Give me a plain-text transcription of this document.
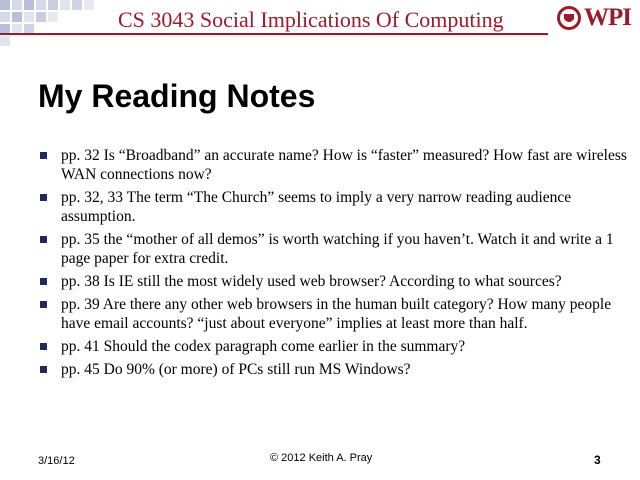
CS 3043 Social Implications Of Computing	WPI
My Reading Notes
pp. 32 Is “Broadband” an accurate name? How is “faster” measured? How fast are wireless WAN connections now?
pp. 32, 33 The term “The Church” seems to imply a very narrow reading audience assumption.
pp. 35 the “mother of all demos” is worth watching if you haven’t. Watch it and write a 1 page paper for extra credit.
pp. 38 Is IE still the most widely used web browser? According to what sources?
pp. 39 Are there any other web browsers in the human built category? How many people have email accounts? “just about everyone” implies at least more than half.
pp. 41 Should the codex paragraph come earlier in the summary?
pp. 45 Do 90% (or more) of PCs still run MS Windows?
3/16/12	© 2012 Keith A. Pray	3
